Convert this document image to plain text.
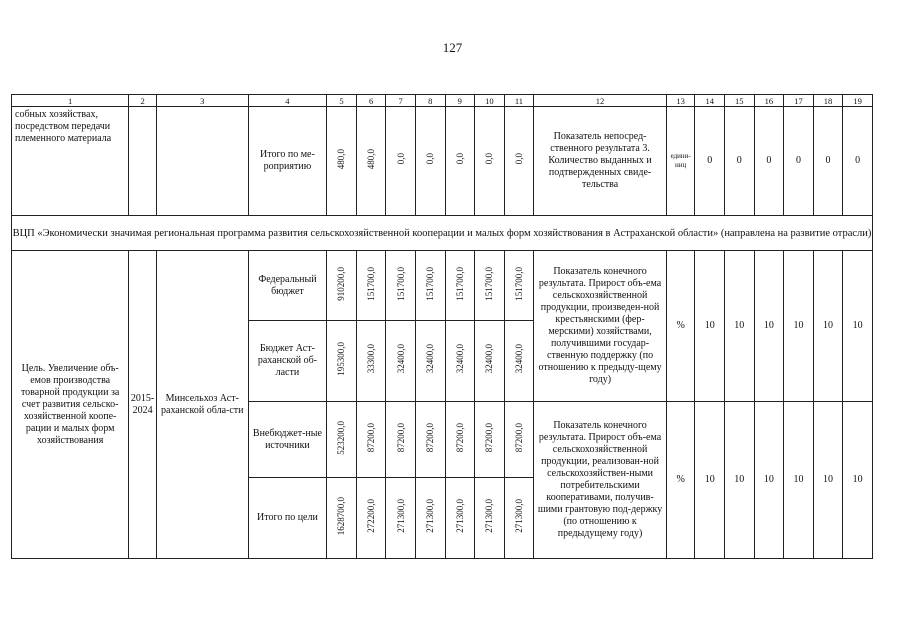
127
1	2	3	4	5	6	7	8	9	10	11	12	13	14	15	16	17	18	19
собных хозяйствах, посредством передачи племенного материала			Итого по ме-роприятию	480,0	480,0	0,0	0,0	0,0	0,0	0,0	Показатель непосред-ственного результата 3. Количество выданных и подтвержденных свиде-тельства	едини-ниц	0	0	0	0	0	0
ВЦП «Экономически значимая региональная программа развития сельскохозяйственной кооперации и малых форм хозяйствования в Астраханской области» (направлена на развитие отрасли)																		
Цель. Увеличение объ-емов производства товарной продукции за счет развития сельско-хозяйственной коопе-рации и малых форм хозяйствования	2015-2024	Минсельхоз Аст-раханской обла-сти	Федеральный бюджет	910200,0	151700,0	151700,0	151700,0	151700,0	151700,0	151700,0	Показатель конечного результата. Прирост объ-ема сельскохозяйственной продукции, произведен-ной крестьянскими (фер-мерскими) хозяйствами, получившими государ-ственную поддержку (по отношению к предыду-щему году)	%	10	10	10	10	10	10
			Бюджет Аст-раханской об-ласти	195300,0	33300,0	32400,0	32400,0	32400,0	32400,0	32400,0								
			Внебюджет-ные источники	523200,0	87200,0	87200,0	87200,0	87200,0	87200,0	87200,0	Показатель конечного результата. Прирост объ-ема сельскохозяйственной продукции, реализован-ной сельскохозяйствен-ными потребительскими кооперативами, получив-шими грантовую под-держку (по отношению к предыдущему году)	%	10	10	10	10	10	10
			Итого по цели	1628700,0	272200,0	271300,0	271300,0	271300,0	271300,0	271300,0								
